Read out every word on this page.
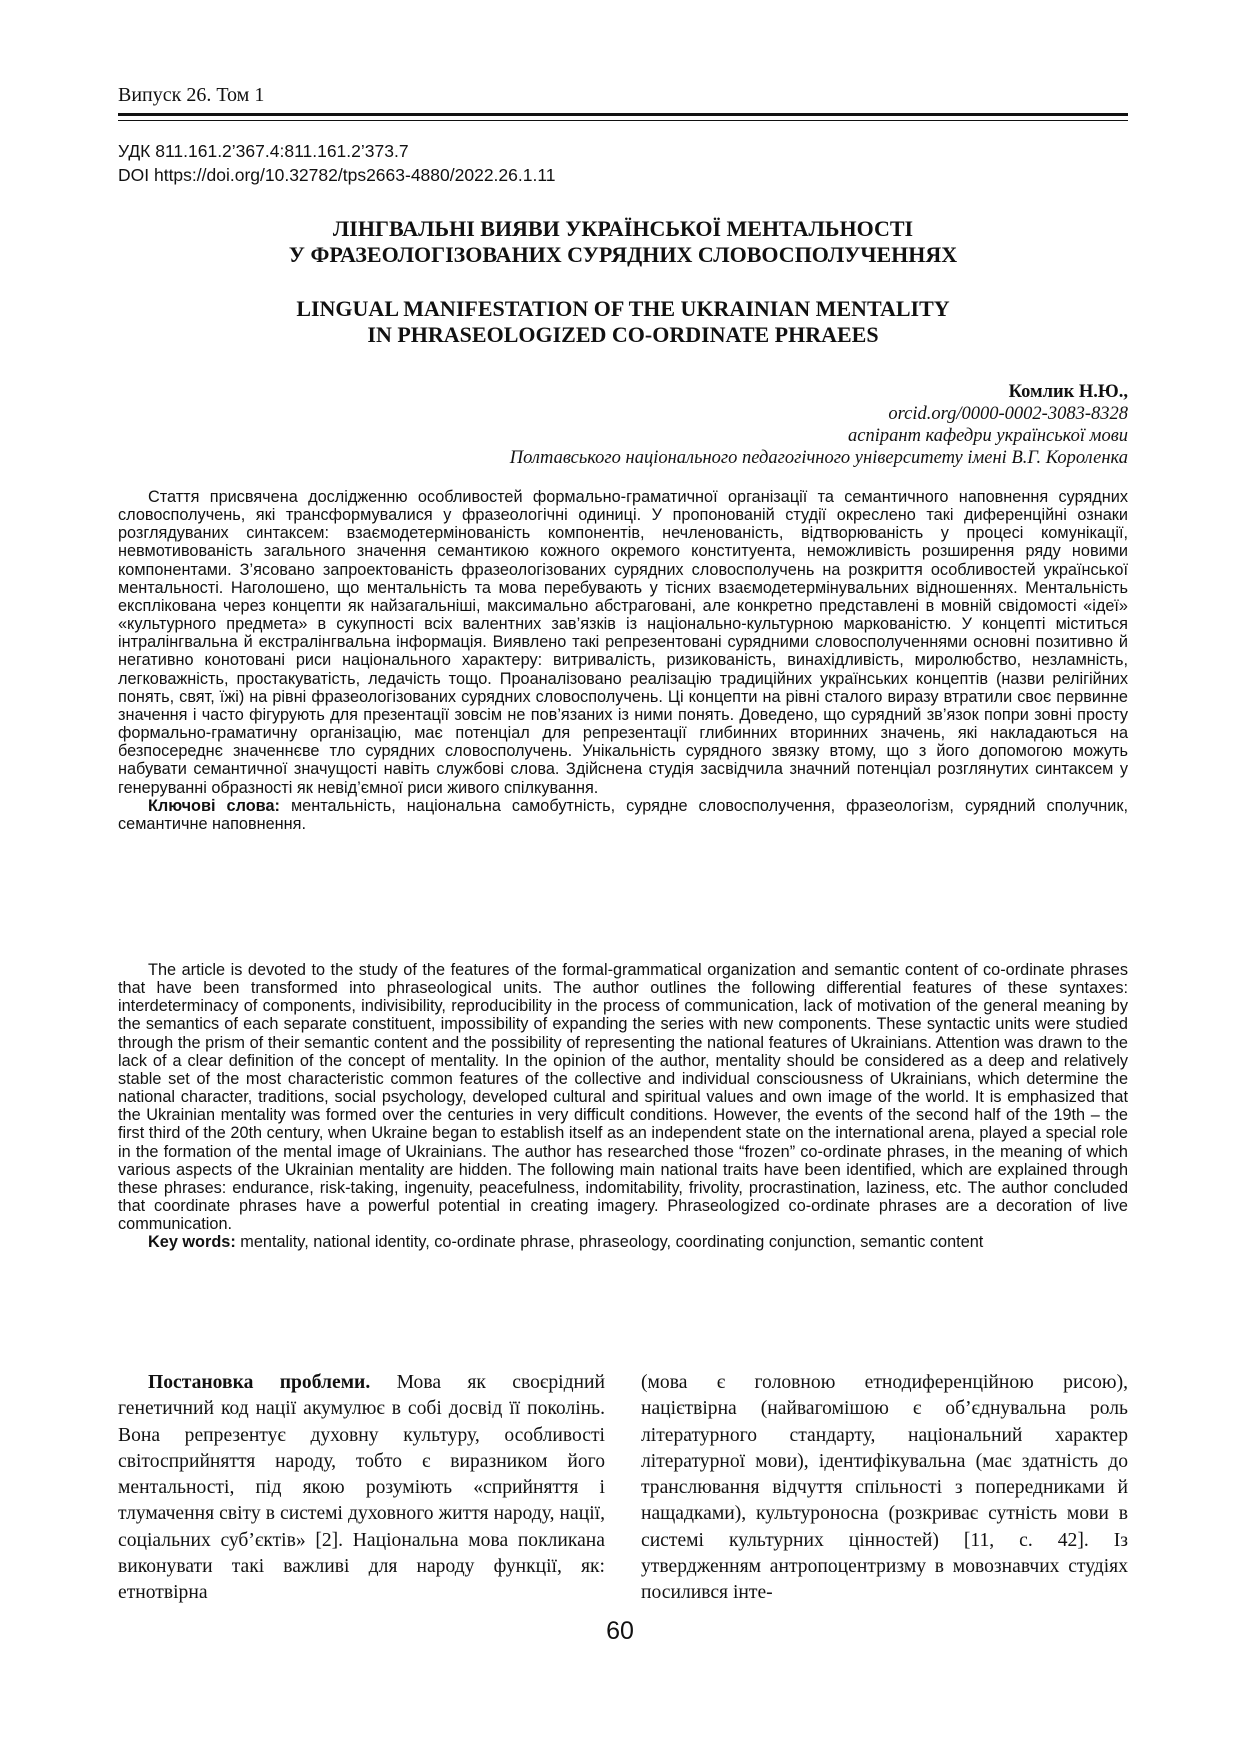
Випуск 26. Том 1
УДК 811.161.2’367.4:811.161.2’373.7
DOI https://doi.org/10.32782/tps2663-4880/2022.26.1.11
ЛІНГВАЛЬНІ ВИЯВИ УКРАЇНСЬКОЇ МЕНТАЛЬНОСТІ
У ФРАЗЕОЛОГІЗОВАНИХ СУРЯДНИХ СЛОВОСПОЛУЧЕННЯХ
LINGUAL MANIFESTATION OF THE UKRAINIAN MENTALITY
IN PHRASEOLOGIZED CO-ORDINATE PHRAEES
Комлик Н.Ю.,
orcid.org/0000-0002-3083-8328
аспірант кафедри української мови
Полтавського національного педагогічного університету імені В.Г. Короленка

Стаття присвячена дослідженню особливостей формально-граматичної організації та семантичного наповнення сурядних словосполучень, які трансформувалися у фразеологічні одиниці. У пропонованій студії окреслено такі диференційні ознаки розглядуваних синтаксем: взаємодетермінованість компонентів, нечленованість, відтворюваність у процесі комунікації, невмотивованість загального значення семантикою кожного окремого конституента, неможливість розширення ряду новими компонентами. З’ясовано запроектованість фразеологізованих сурядних словосполучень на розкриття особливостей української ментальності. Наголошено, що ментальність та мова перебувають у тісних взаємодетермінувальних відношеннях. Ментальність експлікована через концепти як найзагальніші, максимально абстраговані, але конкретно представлені в мовній свідомості «ідеї» «культурного предмета» в сукупності всіх валентних зав’язків із національно-культурною маркованістю. У концепті міститься інтралінгвальна й екстралінгвальна інформація. Виявлено такі репрезентовані сурядними словосполученнями основні позитивно й негативно конотовані риси національного характеру: витривалість, ризикованість, винахідливість, миролюбство, незламність, легковажність, простакуватість, ледачість тощо. Проаналізовано реалізацію традиційних українських концептів (назви релігійних понять, свят, їжі) на рівні фразеологізованих сурядних словосполучень. Ці концепти на рівні сталого виразу втратили своє первинне значення і часто фігурують для презентації зовсім не пов’язаних із ними понять. Доведено, що сурядний зв’язок попри зовні просту формально-граматичну організацію, має потенціал для репрезентації глибинних вторинних значень, які накладаються на безпосереднє значеннєве тло сурядних словосполучень. Унікальність сурядного звязку втому, що з його допомогою можуть набувати семантичної значущості навіть службові слова. Здійснена студія засвідчила значний потенціал розглянутих синтаксем у генеруванні образності як невід’ємної риси живого спілкування.

Ключові слова: ментальність, національна самобутність, сурядне словосполучення, фразеологізм, сурядний сполучник, семантичне наповнення.

The article is devoted to the study of the features of the formal-grammatical organization and semantic content of co-ordinate phrases that have been transformed into phraseological units. The author outlines the following differential features of these syntaxes: interdeterminacy of components, indivisibility, reproducibility in the process of communication, lack of motivation of the general meaning by the semantics of each separate constituent, impossibility of expanding the series with new components. These syntactic units were studied through the prism of their semantic content and the possibility of representing the national features of Ukrainians. Attention was drawn to the lack of a clear definition of the concept of mentality. In the opinion of the author, mentality should be considered as a deep and relatively stable set of the most characteristic common features of the collective and individual consciousness of Ukrainians, which determine the national character, traditions, social psychology, developed cultural and spiritual values and own image of the world. It is emphasized that the Ukrainian mentality was formed over the centuries in very difficult conditions. However, the events of the second half of the 19th – the first third of the 20th century, when Ukraine began to establish itself as an independent state on the international arena, played a special role in the formation of the mental image of Ukrainians. The author has researched those “frozen” co-ordinate phrases, in the meaning of which various aspects of the Ukrainian mentality are hidden. The following main national traits have been identified, which are explained through these phrases: endurance, risk-taking, ingenuity, peacefulness, indomitability, frivolity, procrastination, laziness, etc. The author concluded that coordinate phrases have a powerful potential in creating imagery. Phraseologized co-ordinate phrases are a decoration of live communication.

Key words: mentality, national identity, co-ordinate phrase, phraseology, coordinating conjunction, semantic content

Постановка проблеми. Мова як своєрідний генетичний код нації акумулює в собі досвід її поколінь. Вона репрезентує духовну культуру, особливості світосприйняття народу, тобто є виразником його ментальності, під якою розуміють «сприйняття і тлумачення світу в системі духовного життя народу, нації, соціальних суб’єктів» [2]. Національна мова покликана виконувати такі важливі для народу функції, як: етнотвірна

(мова є головною етнодиференційною рисою), націєтвірна (найвагомішою є об’єднувальна роль літературного стандарту, національний характер літературної мови), ідентифікувальна (має здатність до транслювання відчуття спільності з попередниками й нащадками), культуроносна (розкриває сутність мови в системі культурних цінностей) [11, с. 42]. Із утвердженням антропоцентризму в мовознавчих студіях посилився інте-

60
